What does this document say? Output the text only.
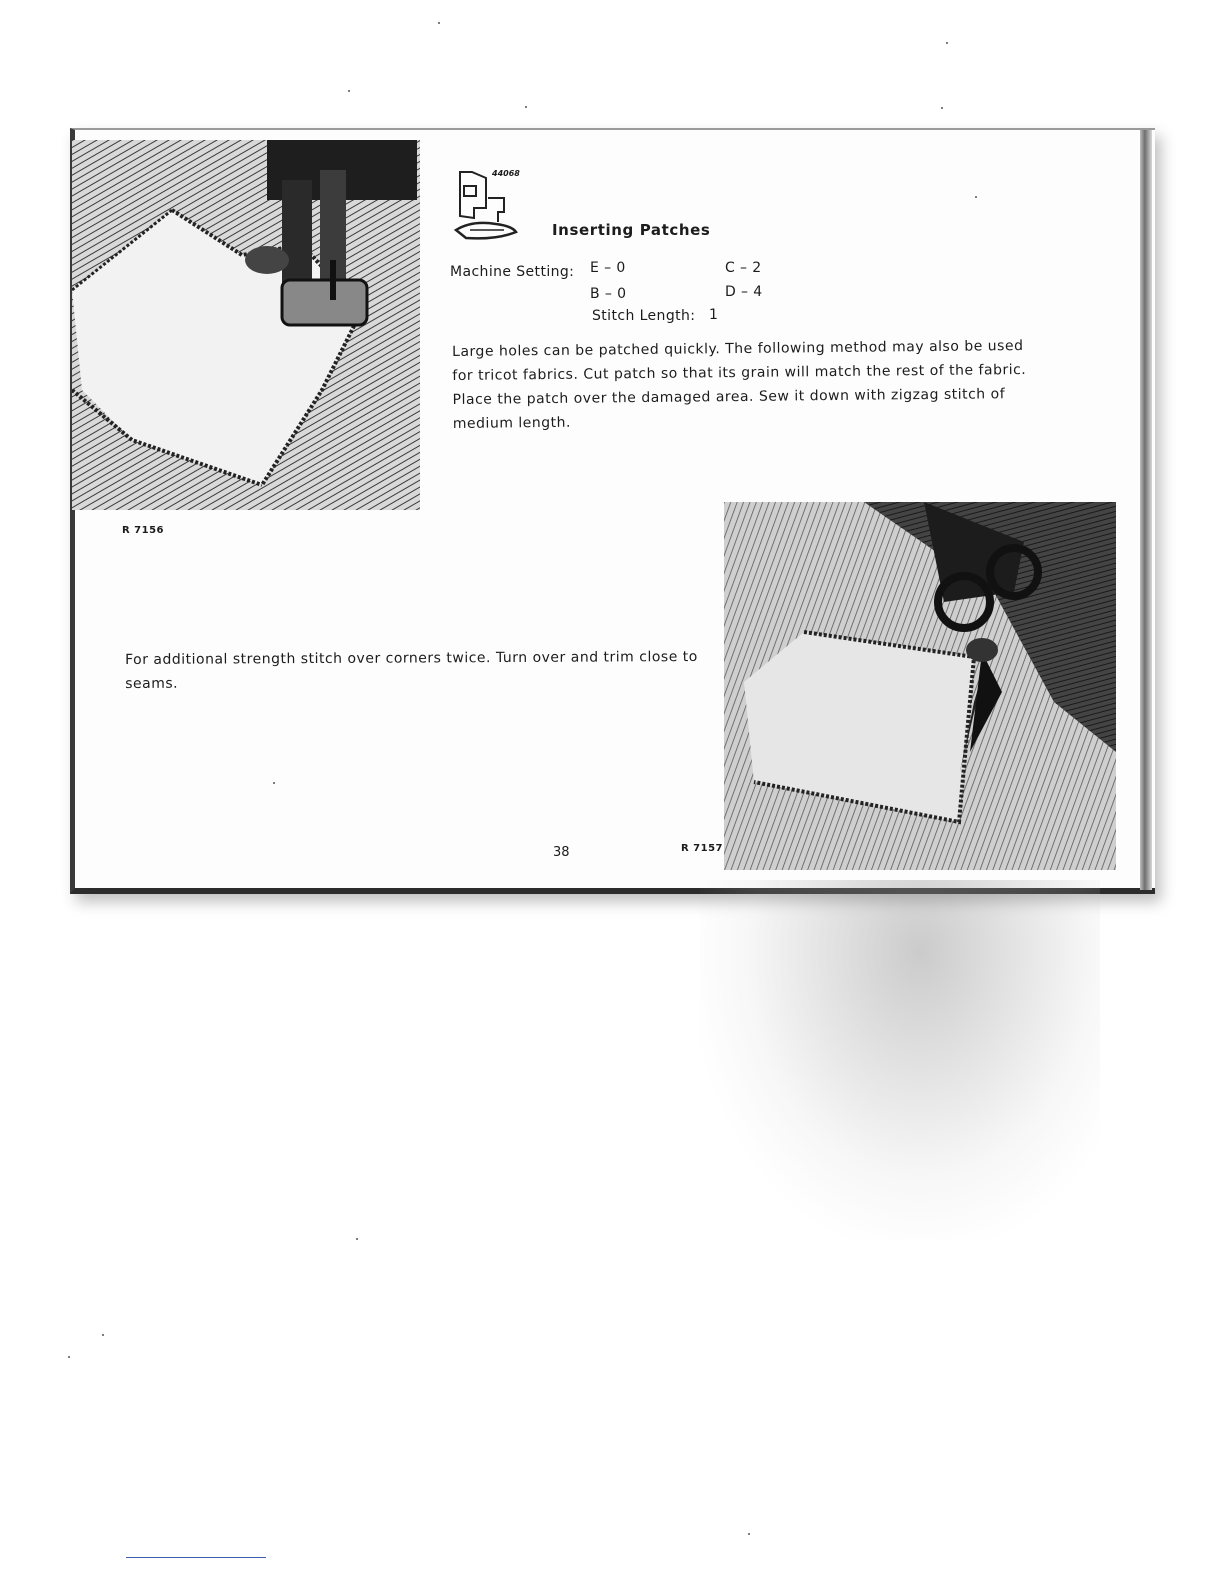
R 7156
44068
Inserting Patches
Machine Setting: E – 0	C – 2
B – 0	D – 4
Stitch Length: 1

Large holes can be patched quickly. The following method may also be used for tricot fabrics. Cut patch so that its grain will match the rest of the fabric. Place the patch over the damaged area. Sew it down with zigzag stitch of medium length.

For additional strength stitch over corners twice. Turn over and trim close to seams.

R 7157
38
